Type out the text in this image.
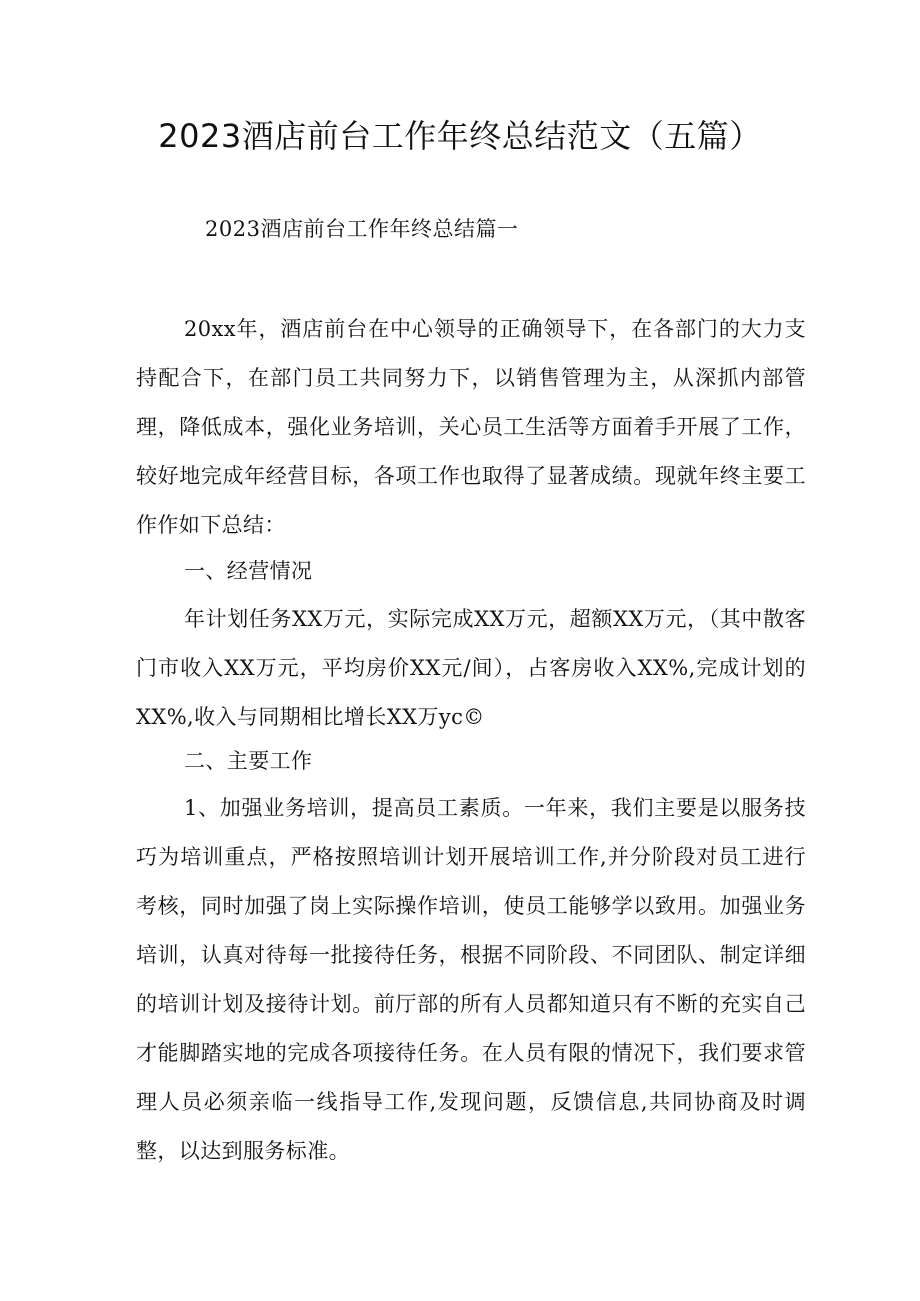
2023酒店前台工作年终总结范文（五篇）
2023酒店前台工作年终总结篇一
20xx年，酒店前台在中心领导的正确领导下，在各部门的大力支持配合下，在部门员工共同努力下，以销售管理为主，从深抓内部管理，降低成本，强化业务培训，关心员工生活等方面着手开展了工作，较好地完成年经营目标，各项工作也取得了显著成绩。现就年终主要工作作如下总结：
一、经营情况
年计划任务XX万元，实际完成XX万元，超额XX万元，（其中散客门市收入XX万元，平均房价XX元/间），占客房收入XX%,完成计划的XX%,收入与同期相比增长XX万yc©
二、主要工作
1、加强业务培训，提高员工素质。一年来，我们主要是以服务技巧为培训重点，严格按照培训计划开展培训工作,并分阶段对员工进行考核，同时加强了岗上实际操作培训，使员工能够学以致用。加强业务培训，认真对待每一批接待任务，根据不同阶段、不同团队、制定详细的培训计划及接待计划。前厅部的所有人员都知道只有不断的充实自己才能脚踏实地的完成各项接待任务。在人员有限的情况下，我们要求管理人员必须亲临一线指导工作,发现问题，反馈信息,共同协商及时调整，以达到服务标准。
